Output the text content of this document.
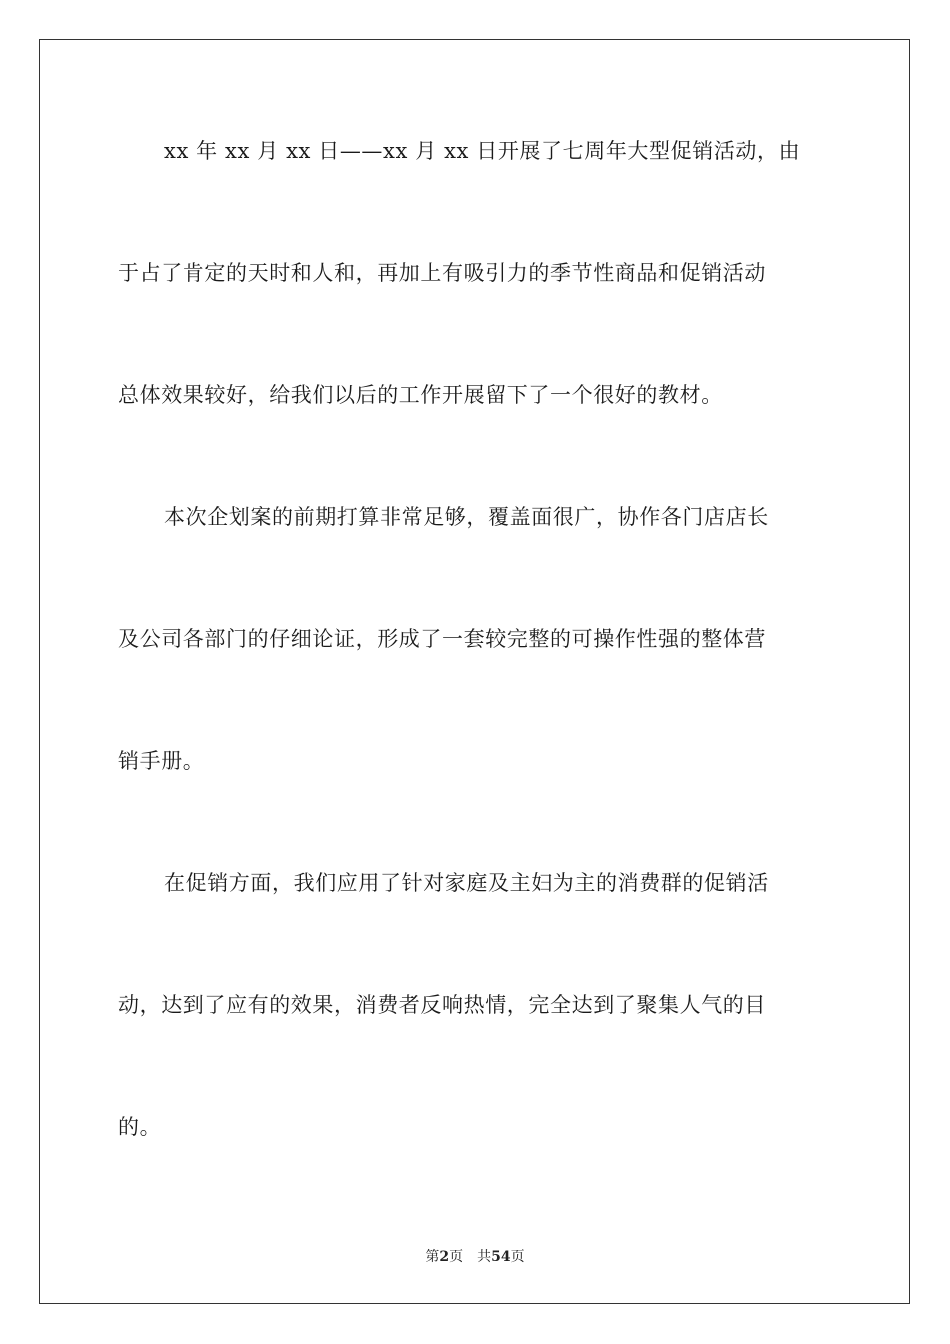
xx 年 xx 月 xx 日——xx 月 xx 日开展了七周年大型促销活动，由
于占了肯定的天时和人和，再加上有吸引力的季节性商品和促销活动
总体效果较好，给我们以后的工作开展留下了一个很好的教材。
本次企划案的前期打算非常足够，覆盖面很广，协作各门店店长
及公司各部门的仔细论证，形成了一套较完整的可操作性强的整体营
销手册。
在促销方面，我们应用了针对家庭及主妇为主的消费群的促销活
动，达到了应有的效果，消费者反响热情，完全达到了聚集人气的目
的。
第2页 共54页
